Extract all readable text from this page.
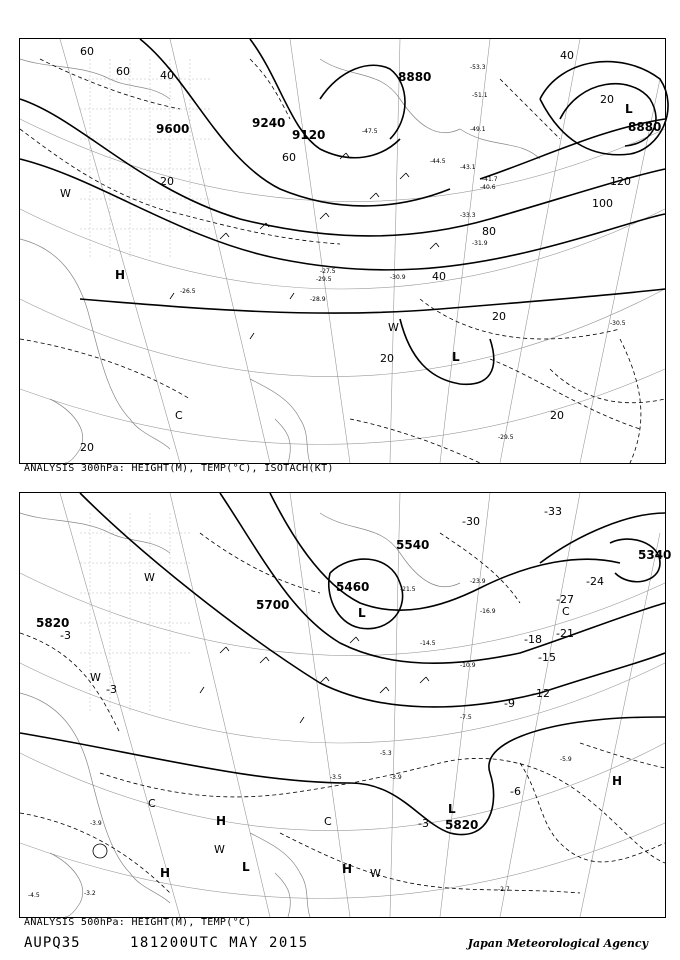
9600	9120
8880
8880
9240
20
20
20
20
20
20
40
40
40
60
60
60
80
100
120
H
L
L
C
W
W
-28.9
-29.5
-30.5
-31.9
-33.3
-40.6
-41.7
-43.1
-44.5
-47.5	-49.1
-51.1
-53.3
-27.5
-26.5
-30.9
-29.5
ANALYSIS 300hPa: HEIGHT(M), TEMP(°C), ISOTACH(KT)
5820
5700
5460
5340
5820
5540
-3
-3
-3
-6
-9
-12
-15
-18 -21
-24
-27
-30
-33
H
H
H
H
L
L
L
C
C
C
W
W
W
W
-5.9
-7.5
-10.9
-14.5
-16.9
-21.5
-23.9
-3.9
-3.5
-2.7
-3.2
-4.5
-3.9
-5.3
ANALYSIS 500hPa: HEIGHT(M), TEMP(°C)
AUPQ35	181200UTC MAY 2015	Japan Meteorological Agency
